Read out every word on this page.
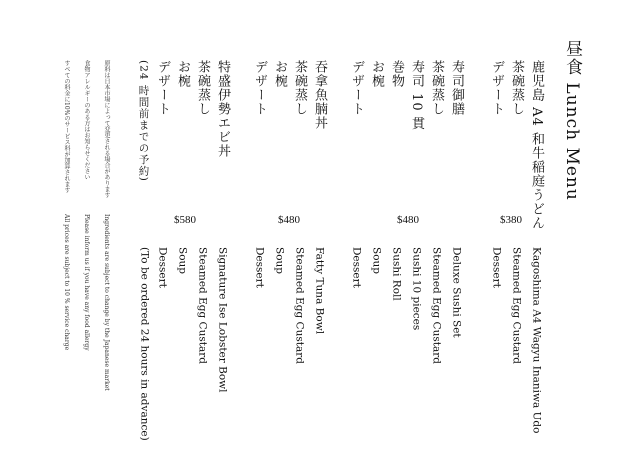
昼食 Lunch Menu

鹿児島 A4 和牛稲庭うどん

茶碗蒸し

デザート

$380

Kagoshima A4 Wagyu Inaniwa Udo

Steamed Egg Custard

Dessert

寿司御膳

茶碗蒸し

寿司 10 貫

巻物

お椀

デザート

$480

Deluxe Sushi Set

Steamed Egg Custard

Sushi 10 pieces

Sushi Roll

Soup

Dessert

吞拿魚腩丼

茶碗蒸し

お椀

デザート

$480

Fatty Tuna Bowl

Steamed Egg Custard

Soup

Dessert

特盛伊勢エビ丼

茶碗蒸し

お椀

デザート

(24 時間前までの予約)

$580

Signature Ise Lobster Bowl

Steamed Egg Custard

Soup

Dessert

(To be ordered 24 hours in advance)

原料は日本市場によって変更される場合があります

食物アレルギーのある方はお知らせください

すべての料金に10%のサービス料が加算されます

Ingredients are subject to change by the Japanese market

Please inform us if you have any food allergy

All prices are subject to 10 % service charge
